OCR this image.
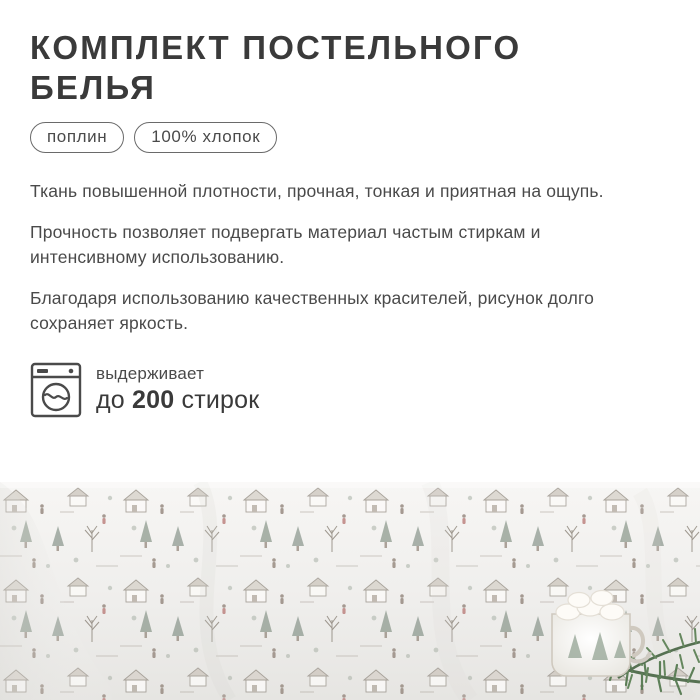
КОМПЛЕКТ ПОСТЕЛЬНОГО БЕЛЬЯ
поплин	100% хлопок

Ткань повышенной плотности, прочная, тонкая и приятная на ощупь.

Прочность позволяет подвергать материал частым стиркам и интенсивному использованию.

Благодаря использованию качественных красителей, рисунок долго сохраняет яркость.

выдерживает
до 200 стирок
